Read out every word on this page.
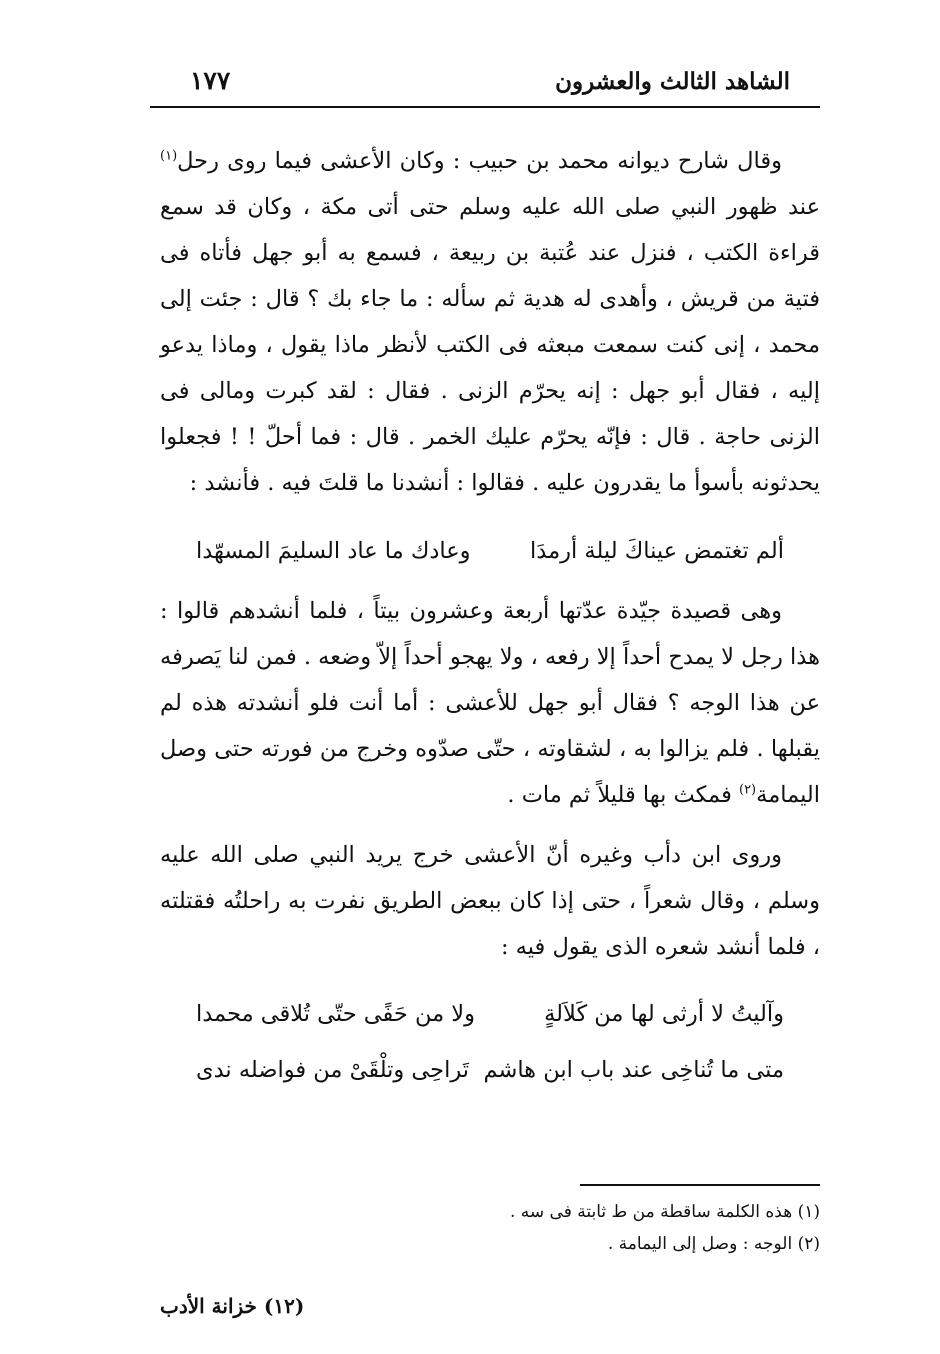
الشاهد الثالث والعشرون
١٧٧

وقال شارح ديوانه محمد بن حبيب : وكان الأعشى فيما روى رحل$^{(١)}$ عند ظهور النبي صلى الله عليه وسلم حتى أتى مكة ، وكان قد سمع قراءة الكتب ، فنزل عند عُتبة بن ربيعة ، فسمع به أبو جهل فأتاه فى فتية من قريش ، وأهدى له هدية ثم سأله : ما جاء بك ؟ قال : جئت إلى محمد ، إنى كنت سمعت مبعثه فى الكتب لأنظر ماذا يقول ، وماذا يدعو إليه ، فقال أبو جهل : إنه يحرّم الزنى . فقال : لقد كبرت ومالى فى الزنى حاجة . قال : فإنّه يحرّم عليك الخمر . قال : فما أحلّ ! ! فجعلوا يحدثونه بأسوأ ما يقدرون عليه . فقالوا : أنشدنا ما قلتَ فيه . فأنشد :

ألم تغتمض عيناكَ ليلة أرمدَا
وعادك ما عاد السليمَ المسهّدا

وهى قصيدة جيّدة عدّتها أربعة وعشرون بيتاً ، فلما أنشدهم قالوا : هذا رجل لا يمدح أحداً إلا رفعه ، ولا يهجو أحداً إلاّ وضعه . فمن لنا يَصرفه عن هذا الوجه ؟ فقال أبو جهل للأعشى : أما أنت فلو أنشدته هذه لم يقبلها . فلم يزالوا به ، لشقاوته ، حتّى صدّوه وخرج من فورته حتى وصل اليمامة$^{(٢)}$ فمكث بها قليلاً ثم مات .

وروى ابن دأب وغيره أنّ الأعشى خرج يريد النبي صلى الله عليه وسلم ، وقال شعراً ، حتى إذا كان ببعض الطريق نفرت به راحلتُه فقتلته ، فلما أنشد شعره الذى يقول فيه :

وآليتُ لا أرثى لها من كَلاَلةٍ
ولا من حَفًى حتّى تُلاقى محمدا
متى ما تُناخِى عند باب ابن هاشم
تَراحِى وتلْقَىْ من فواضله ندى
(١) هذه الكلمة ساقطة من ط ثابتة فى سه .
(٢) الوجه : وصل إلى اليمامة .
(١٢) خزانة الأدب
